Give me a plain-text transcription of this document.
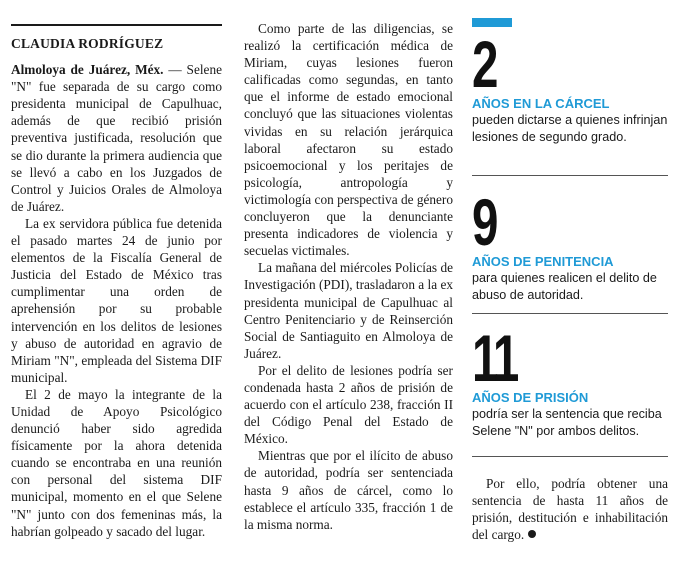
CLAUDIA RODRÍGUEZ

Almoloya de Juárez, Méx. — Selene "N" fue separada de su cargo como presidenta municipal de Capulhuac, además de que recibió prisión preventiva justificada, resolución que se dio durante la primera audiencia que se llevó a cabo en los Juzgados de Control y Juicios Orales de Almoloya de Juárez.

La ex servidora pública fue detenida el pasado martes 24 de junio por elementos de la Fiscalía General de Justicia del Estado de México tras cumplimentar una orden de aprehensión por su probable intervención en los delitos de lesiones y abuso de autoridad en agravio de Miriam "N", empleada del Sistema DIF municipal.

El 2 de mayo la integrante de la Unidad de Apoyo Psicológico denunció haber sido agredida físicamente por la ahora detenida cuando se encontraba en una reunión con personal del sistema DIF municipal, momento en el que Selene "N" junto con dos femeninas más, la habrían golpeado y sacado del lugar.

Como parte de las diligencias, se realizó la certificación médica de Miriam, cuyas lesiones fueron calificadas como segundas, en tanto que el informe de estado emocional concluyó que las situaciones violentas vividas en su relación jerárquica laboral afectaron su estado psicoemocional y los peritajes de psicología, antropología y victimología con perspectiva de género concluyeron que la denunciante presenta indicadores de violencia y secuelas victimales.

La mañana del miércoles Policías de Investigación (PDI), trasladaron a la ex presidenta municipal de Capulhuac al Centro Penitenciario y de Reinserción Social de Santiaguito en Almoloya de Juárez.

Por el delito de lesiones podría ser condenada hasta 2 años de prisión de acuerdo con el artículo 238, fracción II del Código Penal del Estado de México.

Mientras que por el ilícito de abuso de autoridad, podría ser sentenciada hasta 9 años de cárcel, como lo establece el artículo 335, fracción 1 de la misma norma.

2
AÑOS EN LA CÁRCEL
pueden dictarse a quienes infrinjan lesiones de segundo grado.
9
AÑOS DE PENITENCIA
para quienes realicen el delito de abuso de autoridad.
11
AÑOS DE PRISIÓN
podría ser la sentencia que reciba Selene "N" por ambos delitos.

Por ello, podría obtener una sentencia de hasta 11 años de prisión, destitución e inhabilitación del cargo.
